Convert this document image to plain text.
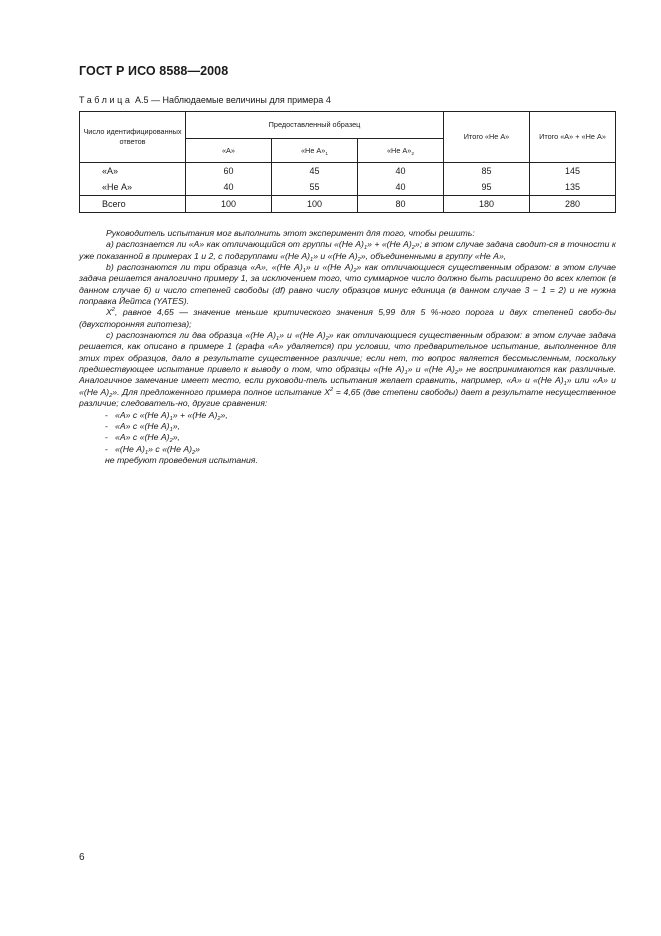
ГОСТ Р ИСО 8588—2008
Таблица А.5 — Наблюдаемые величины для примера 4
Число идентифицированных ответов	Предоставленный образец			Итого «Не А»	Итого «А» + «Не А»
	«А»	«Не $А»_1$	«Не $А»_2$
«А»	60	45	40	85	145
«Не А»	40	55	40	95	135
Всего	100	100	80	180	280

Руководитель испытания мог выполнить этот эксперимент для того, чтобы решить:

а) распознается ли «А» как отличающийся от группы «(Не $А)_1$» + «(Не $А)_2$»; в этом случае задача сводит-ся в точности к уже показанной в примерах 1 и 2, с подгруппами «(Не $А)_1$» и «(Не $А)_2$», объединенными в группу «Не А»,

b) распознаются ли три образца «А», «(Не $А)_1$» и «(Не $А)_2$» как отличающиеся существенным образом: в этом случае задача решается аналогично примеру 1, за исключением того, что суммарное число должно быть расширено до всех клеток (в данном случае 6) и число степеней свободы (df) равно числу образцов минус единица (в данном случае 3 − 1 = 2) и не нужна поправка Йейтса (YATES).

$X^2$, равное 4,65 — значение меньше критического значения 5,99 для 5 %-ного порога и двух степеней свобо-ды (двухсторонняя гипотеза);

с) распознаются ли два образца «(Не $А)_1$» и «(Не $А)_2$» как отличающиеся существенным образом: в этом случае задача решается, как описано в примере 1 (графа «А» удаляется) при условии, что предварительное испытание, выполненное для этих трех образцов, дало в результате существенное различие; если нет, то вопрос является бессмысленным, поскольку предшествующее испытание привело к выводу о том, что образцы «(Не $А)_1$» и «(Не $А)_2$» не воспринимаются как различные. Аналогичное замечание имеет место, если руководи-тель испытания желает сравнить, например, «А» и «(Не $А)_1$» или «А» и «(Не $А)_2$». Для предложенного примера полное испытание $X^2 = 4,65$ (две степени свободы) дает в результате несущественное различие; следователь-но, другие сравнения:

- «А» с «(Не $А)_1$» + «(Не $А)_2$»,

- «А» с «(Не $А)_1$»,

- «А» с «(Не $А)_2$»,

- «(Не $А)_1$» с «(Не $А)_2$»

не требуют проведения испытания.

6
